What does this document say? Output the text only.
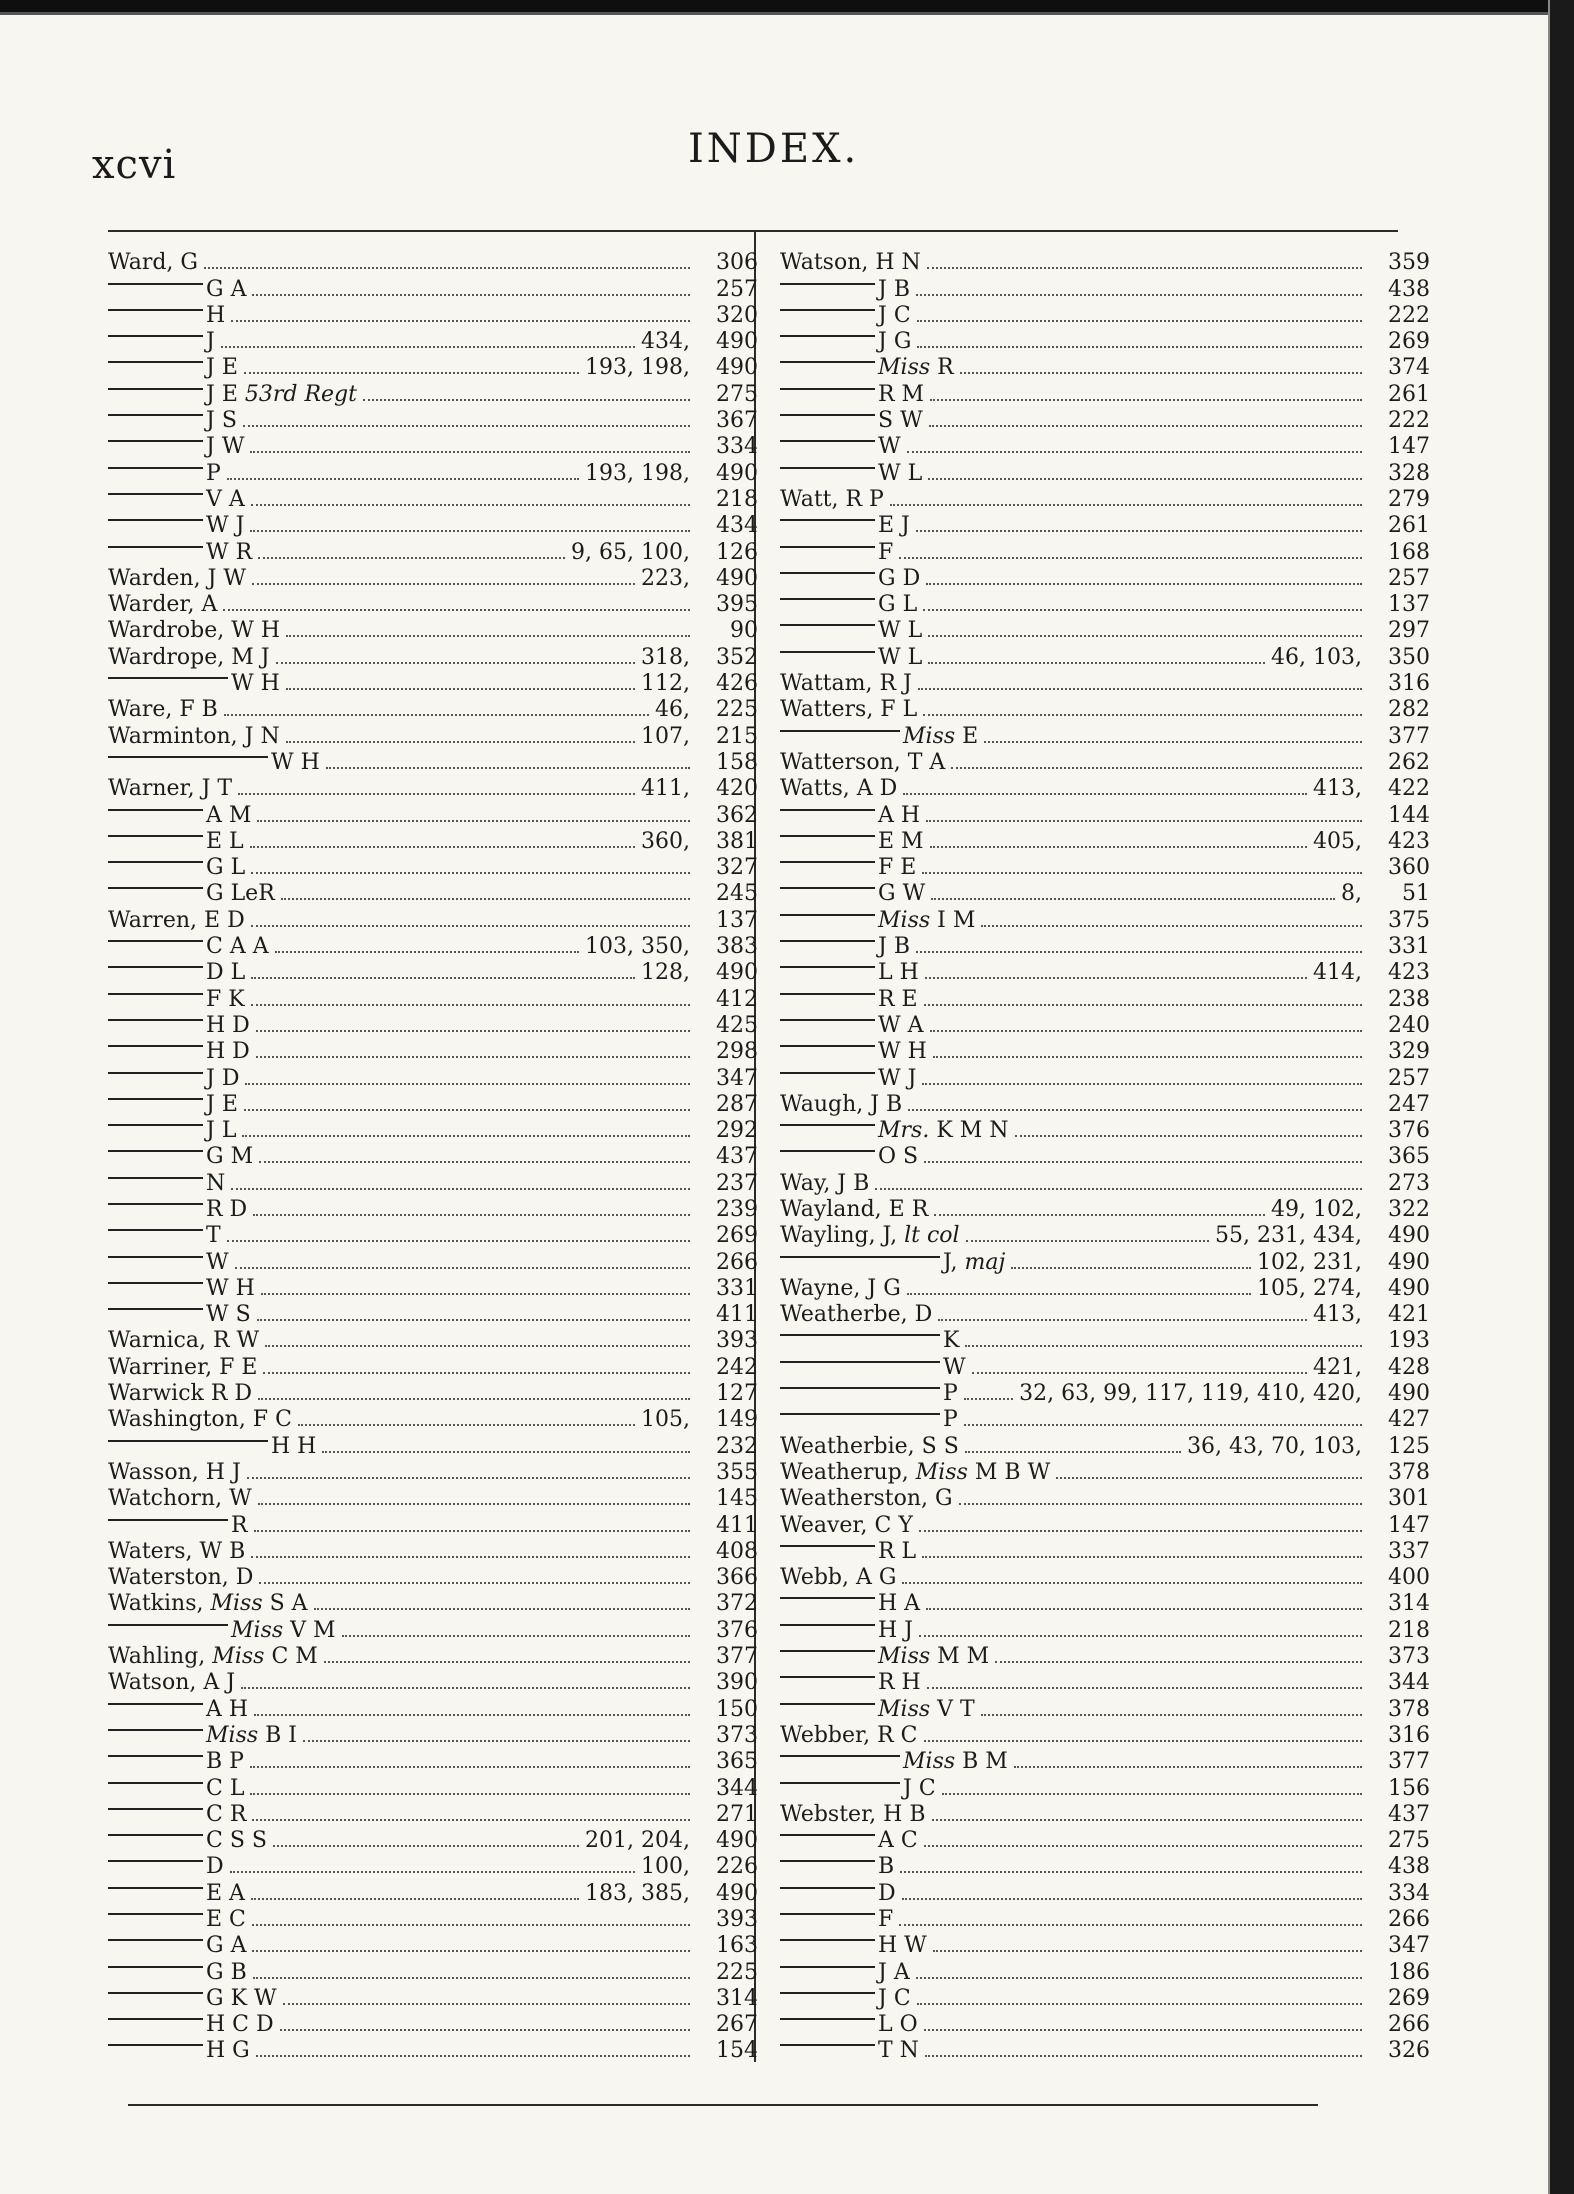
xcvi	INDEX.
Ward, G	306
G A	257
H	320
J	434,	490
J E	193, 198,	490
J E 53rd Regt	275
J S	367
J W	334
P	193, 198,	490
V A	218
W J	434
W R	9, 65, 100,	126
Warden, J W	223,	490
Warder, A	395
Wardrobe, W H	90
Wardrope, M J	318,	352
W H	112,	426
Ware, F B	46,	225
Warminton, J N	107,	215
W H	158
Warner, J T	411,	420
A M	362
E L	360,	381
G L	327
G LeR	245
Warren, E D	137
C A A	103, 350,	383
D L	128,	490
F K	412
H D	425
H D	298
J D	347
J E	287
J L	292
G M	437
N	237
R D	239
T	269
W	266
W H	331
W S	411
Warnica, R W	393
Warriner, F E	242
Warwick R D	127
Washington, F C	105,	149
H H	232
Wasson, H J	355
Watchorn, W	145
R	411
Waters, W B	408
Waterston, D	366
Watkins, Miss S A	372
Miss V M	376
Wahling, Miss C M	377
Watson, A J	390
A H	150
Miss B I	373
B P	365
C L	344
C R	271
C S S	201, 204,	490
D	100,	226
E A	183, 385,	490
E C	393
G A	163
G B	225
G K W	314
H C D	267
H G	154
Watson, H N	359
J B	438
J C	222
J G	269
Miss R	374
R M	261
S W	222
W	147
W L	328
Watt, R P	279
E J	261
F	168
G D	257
G L	137
W L	297
W L	46, 103,	350
Wattam, R J	316
Watters, F L	282
Miss E	377
Watterson, T A	262
Watts, A D	413,	422
A H	144
E M	405,	423
F E	360
G W	8,	51
Miss I M	375
J B	331
L H	414,	423
R E	238
W A	240
W H	329
W J	257
Waugh, J B	247
Mrs. K M N	376
O S	365
Way, J B	273
Wayland, E R	49, 102,	322
Wayling, J, lt col	55, 231, 434,	490
J, maj	102, 231,	490
Wayne, J G	105, 274,	490
Weatherbe, D	413,	421
K	193
W	421,	428
P	32, 63, 99, 117, 119, 410, 420,	490
P	427
Weatherbie, S S	36, 43, 70, 103,	125
Weatherup, Miss M B W	378
Weatherston, G	301
Weaver, C Y	147
R L	337
Webb, A G	400
H A	314
H J	218
Miss M M	373
R H	344
Miss V T	378
Webber, R C	316
Miss B M	377
J C	156
Webster, H B	437
A C	275
B	438
D	334
F	266
H W	347
J A	186
J C	269
L O	266
T N	326
